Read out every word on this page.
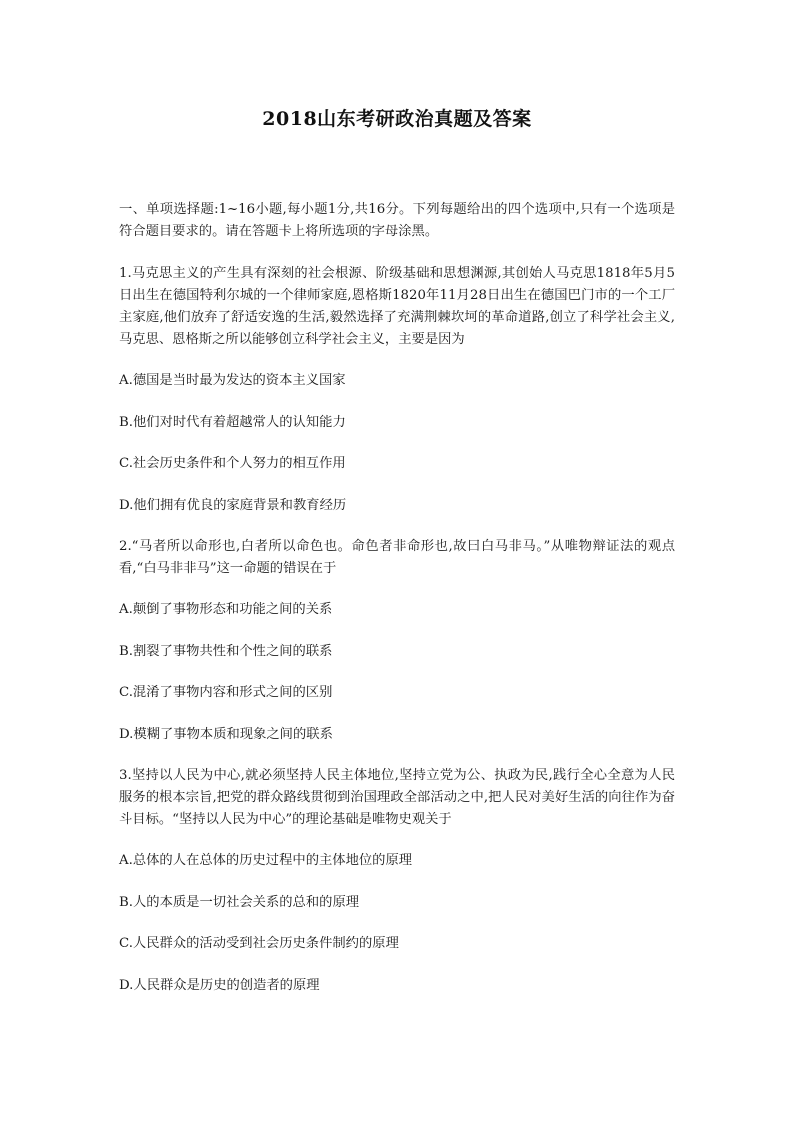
2018山东考研政治真题及答案

一、单项选择题:1~16小题,每小题1分,共16分。下列每题给出的四个选项中,只有一个选项是符合题目要求的。请在答题卡上将所选项的字母涂黑。

1.马克思主义的产生具有深刻的社会根源、阶级基础和思想渊源,其创始人马克思1818年5月5日出生在德国特利尔城的一个律师家庭,恩格斯1820年11月28日出生在德国巴门市的一个工厂主家庭,他们放弃了舒适安逸的生活,毅然选择了充满荆棘坎坷的革命道路,创立了科学社会主义,马克思、恩格斯之所以能够创立科学社会主义，主要是因为

A.德国是当时最为发达的资本主义国家

B.他们对时代有着超越常人的认知能力

C.社会历史条件和个人努力的相互作用

D.他们拥有优良的家庭背景和教育经历

2.“马者所以命形也,白者所以命色也。命色者非命形也,故曰白马非马。”从唯物辩证法的观点看,“白马非非马”这一命题的错误在于

A.颠倒了事物形态和功能之间的关系

B.割裂了事物共性和个性之间的联系

C.混淆了事物内容和形式之间的区别

D.模糊了事物本质和现象之间的联系

3.坚持以人民为中心,就必须坚持人民主体地位,坚持立党为公、执政为民,践行全心全意为人民服务的根本宗旨,把党的群众路线贯彻到治国理政全部活动之中,把人民对美好生活的向往作为奋斗目标。“坚持以人民为中心”的理论基础是唯物史观关于

A.总体的人在总体的历史过程中的主体地位的原理

B.人的本质是一切社会关系的总和的原理

C.人民群众的活动受到社会历史条件制约的原理

D.人民群众是历史的创造者的原理
